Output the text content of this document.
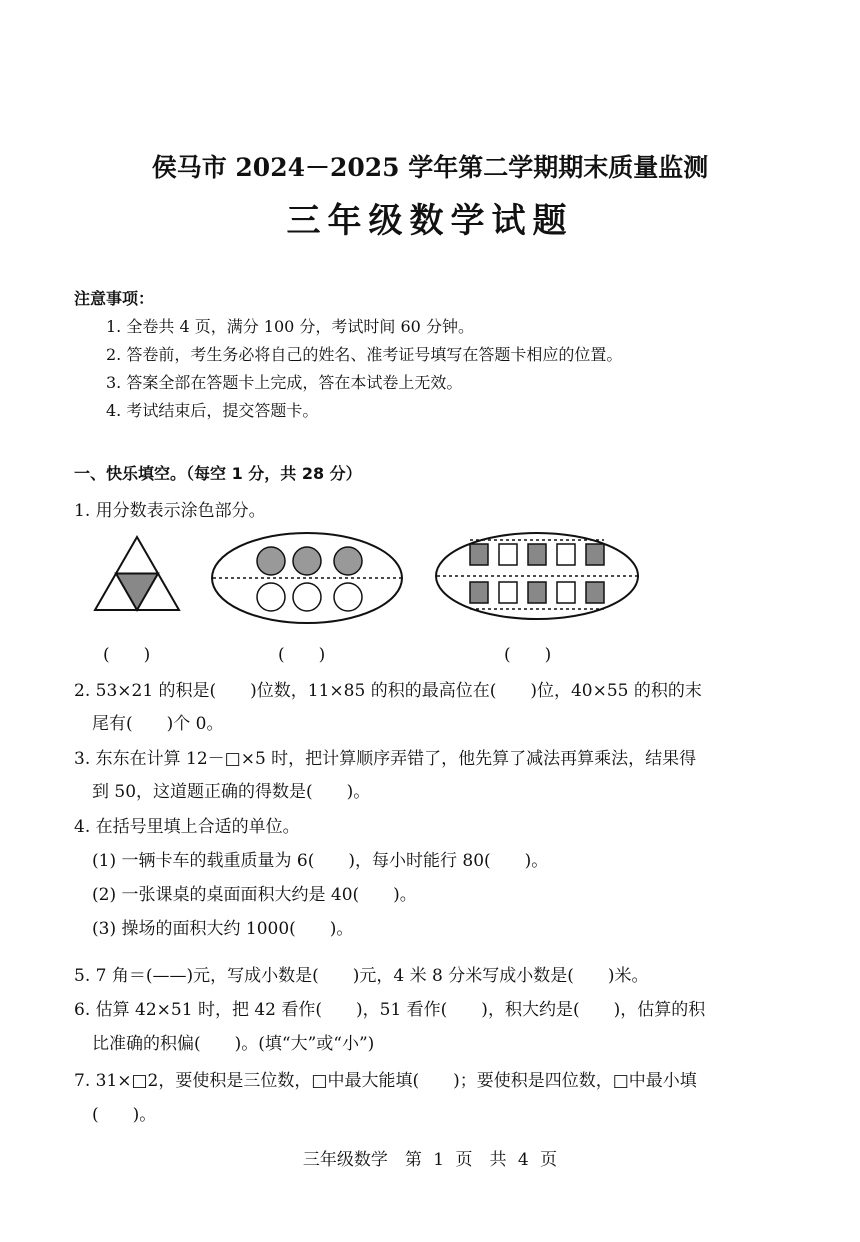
侯马市 2024－2025 学年第二学期期末质量监测
三年级数学试题
注意事项：
1. 全卷共 4 页，满分 100 分，考试时间 60 分钟。
2. 答卷前，考生务必将自己的姓名、准考证号填写在答题卡相应的位置。
3. 答案全部在答题卡上完成，答在本试卷上无效。
4. 考试结束后，提交答题卡。
一、快乐填空。（每空 1 分，共 28 分）
1. 用分数表示涂色部分。
(　　)	(　　)	(　　)
2. 53×21 的积是(　　)位数，11×85 的积的最高位在(　　)位，40×55 的积的末
尾有(　　)个 0。
3. 东东在计算 12－□×5 时，把计算顺序弄错了，他先算了减法再算乘法，结果得
到 50，这道题正确的得数是(　　)。
4. 在括号里填上合适的单位。
(1) 一辆卡车的载重质量为 6(　　)，每小时能行 80(　　)。
(2) 一张课桌的桌面面积大约是 40(　　)。
(3) 操场的面积大约 1000(　　)。
5. 7 角＝(——)元，写成小数是(　　)元，4 米 8 分米写成小数是(　　)米。
6. 估算 42×51 时，把 42 看作(　　)，51 看作(　　)，积大约是(　　)，估算的积
比准确的积偏(　　)。(填“大”或“小”)
7. 31×□2，要使积是三位数，□中最大能填(　　)；要使积是四位数，□中最小填
(　　)。
三年级数学　第 1 页　共 4 页
